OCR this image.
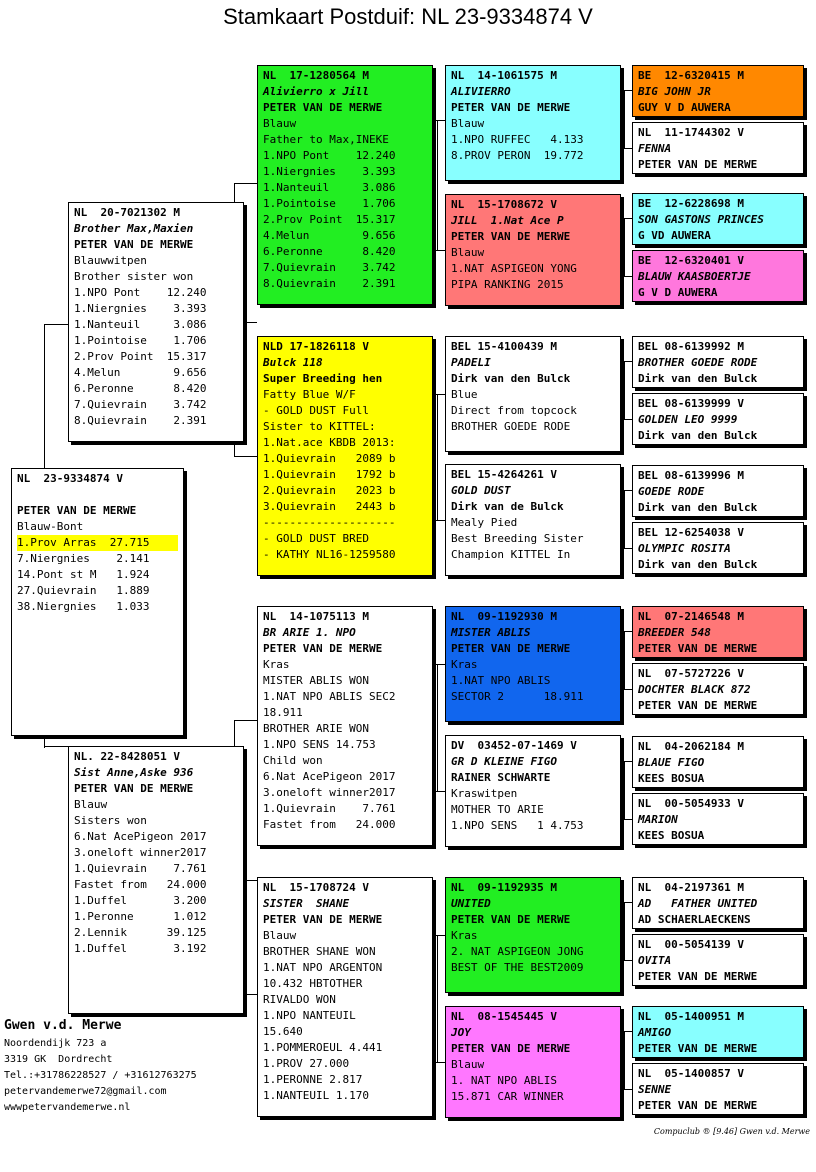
Stamkaart Postduif: NL 23-9334874 V
NL  23-9334874 V
PETER VAN DE MERWE
Blauw-Bont
1.Prov Arras  27.715
7.Niergnies    2.141
14.Pont st M   1.924
27.Quievrain   1.889
38.Niergnies   1.033
NL  20-7021302 M
Brother Max,Maxien
PETER VAN DE MERWE
Blauwwitpen
Brother sister won
1.NPO Pont    12.240
1.Niergnies    3.393
1.Nanteuil     3.086
1.Pointoise    1.706
2.Prov Point  15.317
4.Melun        9.656
6.Peronne      8.420
7.Quievrain    3.742
8.Quievrain    2.391
NL. 22-8428051 V
Sist Anne,Aske 936
PETER VAN DE MERWE
Blauw
Sisters won
6.Nat AcePigeon 2017
3.oneloft winner2017
1.Quievrain    7.761
Fastet from   24.000
1.Duffel       3.200
1.Peronne      1.012
2.Lennik      39.125
1.Duffel       3.192
NL  17-1280564 M
Alivierro x Jill
PETER VAN DE MERWE
Blauw
Father to Max,INEKE
1.NPO Pont    12.240
1.Niergnies    3.393
1.Nanteuil     3.086
1.Pointoise    1.706
2.Prov Point  15.317
4.Melun        9.656
6.Peronne      8.420
7.Quievrain    3.742
8.Quievrain    2.391
NLD 17-1826118 V
Bulck 118
Super Breeding hen
Fatty Blue W/F
- GOLD DUST Full
Sister to KITTEL:
1.Nat.ace KBDB 2013:
1.Quievrain   2089 b
1.Quievrain   1792 b
2.Quievrain   2023 b
3.Quievrain   2443 b
--------------------
- GOLD DUST BRED
- KATHY NL16-1259580
NL  14-1075113 M
BR ARIE 1. NPO
PETER VAN DE MERWE
Kras
MISTER ABLIS WON
1.NAT NPO ABLIS SEC2
18.911
BROTHER ARIE WON
1.NPO SENS 14.753
Child won
6.Nat AcePigeon 2017
3.oneloft winner2017
1.Quievrain    7.761
Fastet from   24.000
NL  15-1708724 V
SISTER  SHANE
PETER VAN DE MERWE
Blauw
BROTHER SHANE WON
1.NAT NPO ARGENTON
10.432 HBTOTHER
RIVALDO WON
1.NPO NANTEUIL
15.640
1.POMMEROEUL 4.441
1.PROV 27.000
1.PERONNE 2.817
1.NANTEUIL 1.170
NL  14-1061575 M
ALIVIERRO
PETER VAN DE MERWE
Blauw
1.NPO RUFFEC   4.133
8.PROV PERON  19.772
NL  15-1708672 V
JILL  1.Nat Ace P
PETER VAN DE MERWE
Blauw
1.NAT ASPIGEON YONG
PIPA RANKING 2015
BEL 15-4100439 M
PADELI
Dirk van den Bulck
Blue
Direct from topcock
BROTHER GOEDE RODE
BEL 15-4264261 V
GOLD DUST
Dirk van de Bulck
Mealy Pied
Best Breeding Sister
Champion KITTEL In
NL  09-1192930 M
MISTER ABLIS
PETER VAN DE MERWE
Kras
1.NAT NPO ABLIS
SECTOR 2      18.911
DV  03452-07-1469 V
GR D KLEINE FIGO
RAINER SCHWARTE
Kraswitpen
MOTHER TO ARIE
1.NPO SENS   1 4.753
NL  09-1192935 M
UNITED
PETER VAN DE MERWE
Kras
2. NAT ASPIGEON JONG
BEST OF THE BEST2009
NL  08-1545445 V
JOY
PETER VAN DE MERWE
Blauw
1. NAT NPO ABLIS
15.871 CAR WINNER
BE  12-6320415 M
BIG JOHN JR
GUY V D AUWERA
NL  11-1744302 V
FENNA
PETER VAN DE MERWE
BE  12-6228698 M
SON GASTONS PRINCES
G VD AUWERA
BE  12-6320401 V
BLAUW KAASBOERTJE
G V D AUWERA
BEL 08-6139992 M
BROTHER GOEDE RODE
Dirk van den Bulck
BEL 08-6139999 V
GOLDEN LEO 9999
Dirk van den Bulck
BEL 08-6139996 M
GOEDE RODE
Dirk van den Bulck
BEL 12-6254038 V
OLYMPIC ROSITA
Dirk van den Bulck
NL  07-2146548 M
BREEDER 548
PETER VAN DE MERWE
NL  07-5727226 V
DOCHTER BLACK 872
PETER VAN DE MERWE
NL  04-2062184 M
BLAUE FIGO
KEES BOSUA
NL  00-5054933 V
MARION
KEES BOSUA
NL  04-2197361 M
AD   FATHER UNITED
AD SCHAERLAECKENS
NL  00-5054139 V
OVITA
PETER VAN DE MERWE
NL  05-1400951 M
AMIGO
PETER VAN DE MERWE
NL  05-1400857 V
SENNE
PETER VAN DE MERWE
Gwen v.d. Merwe
Noordendijk 723 a
3319 GK  Dordrecht
Tel.:+31786228527 / +31612763275
petervandemerwe72@gmail.com
wwwpetervandemerwe.nl
Compuclub ® [9.46] Gwen v.d. Merwe
